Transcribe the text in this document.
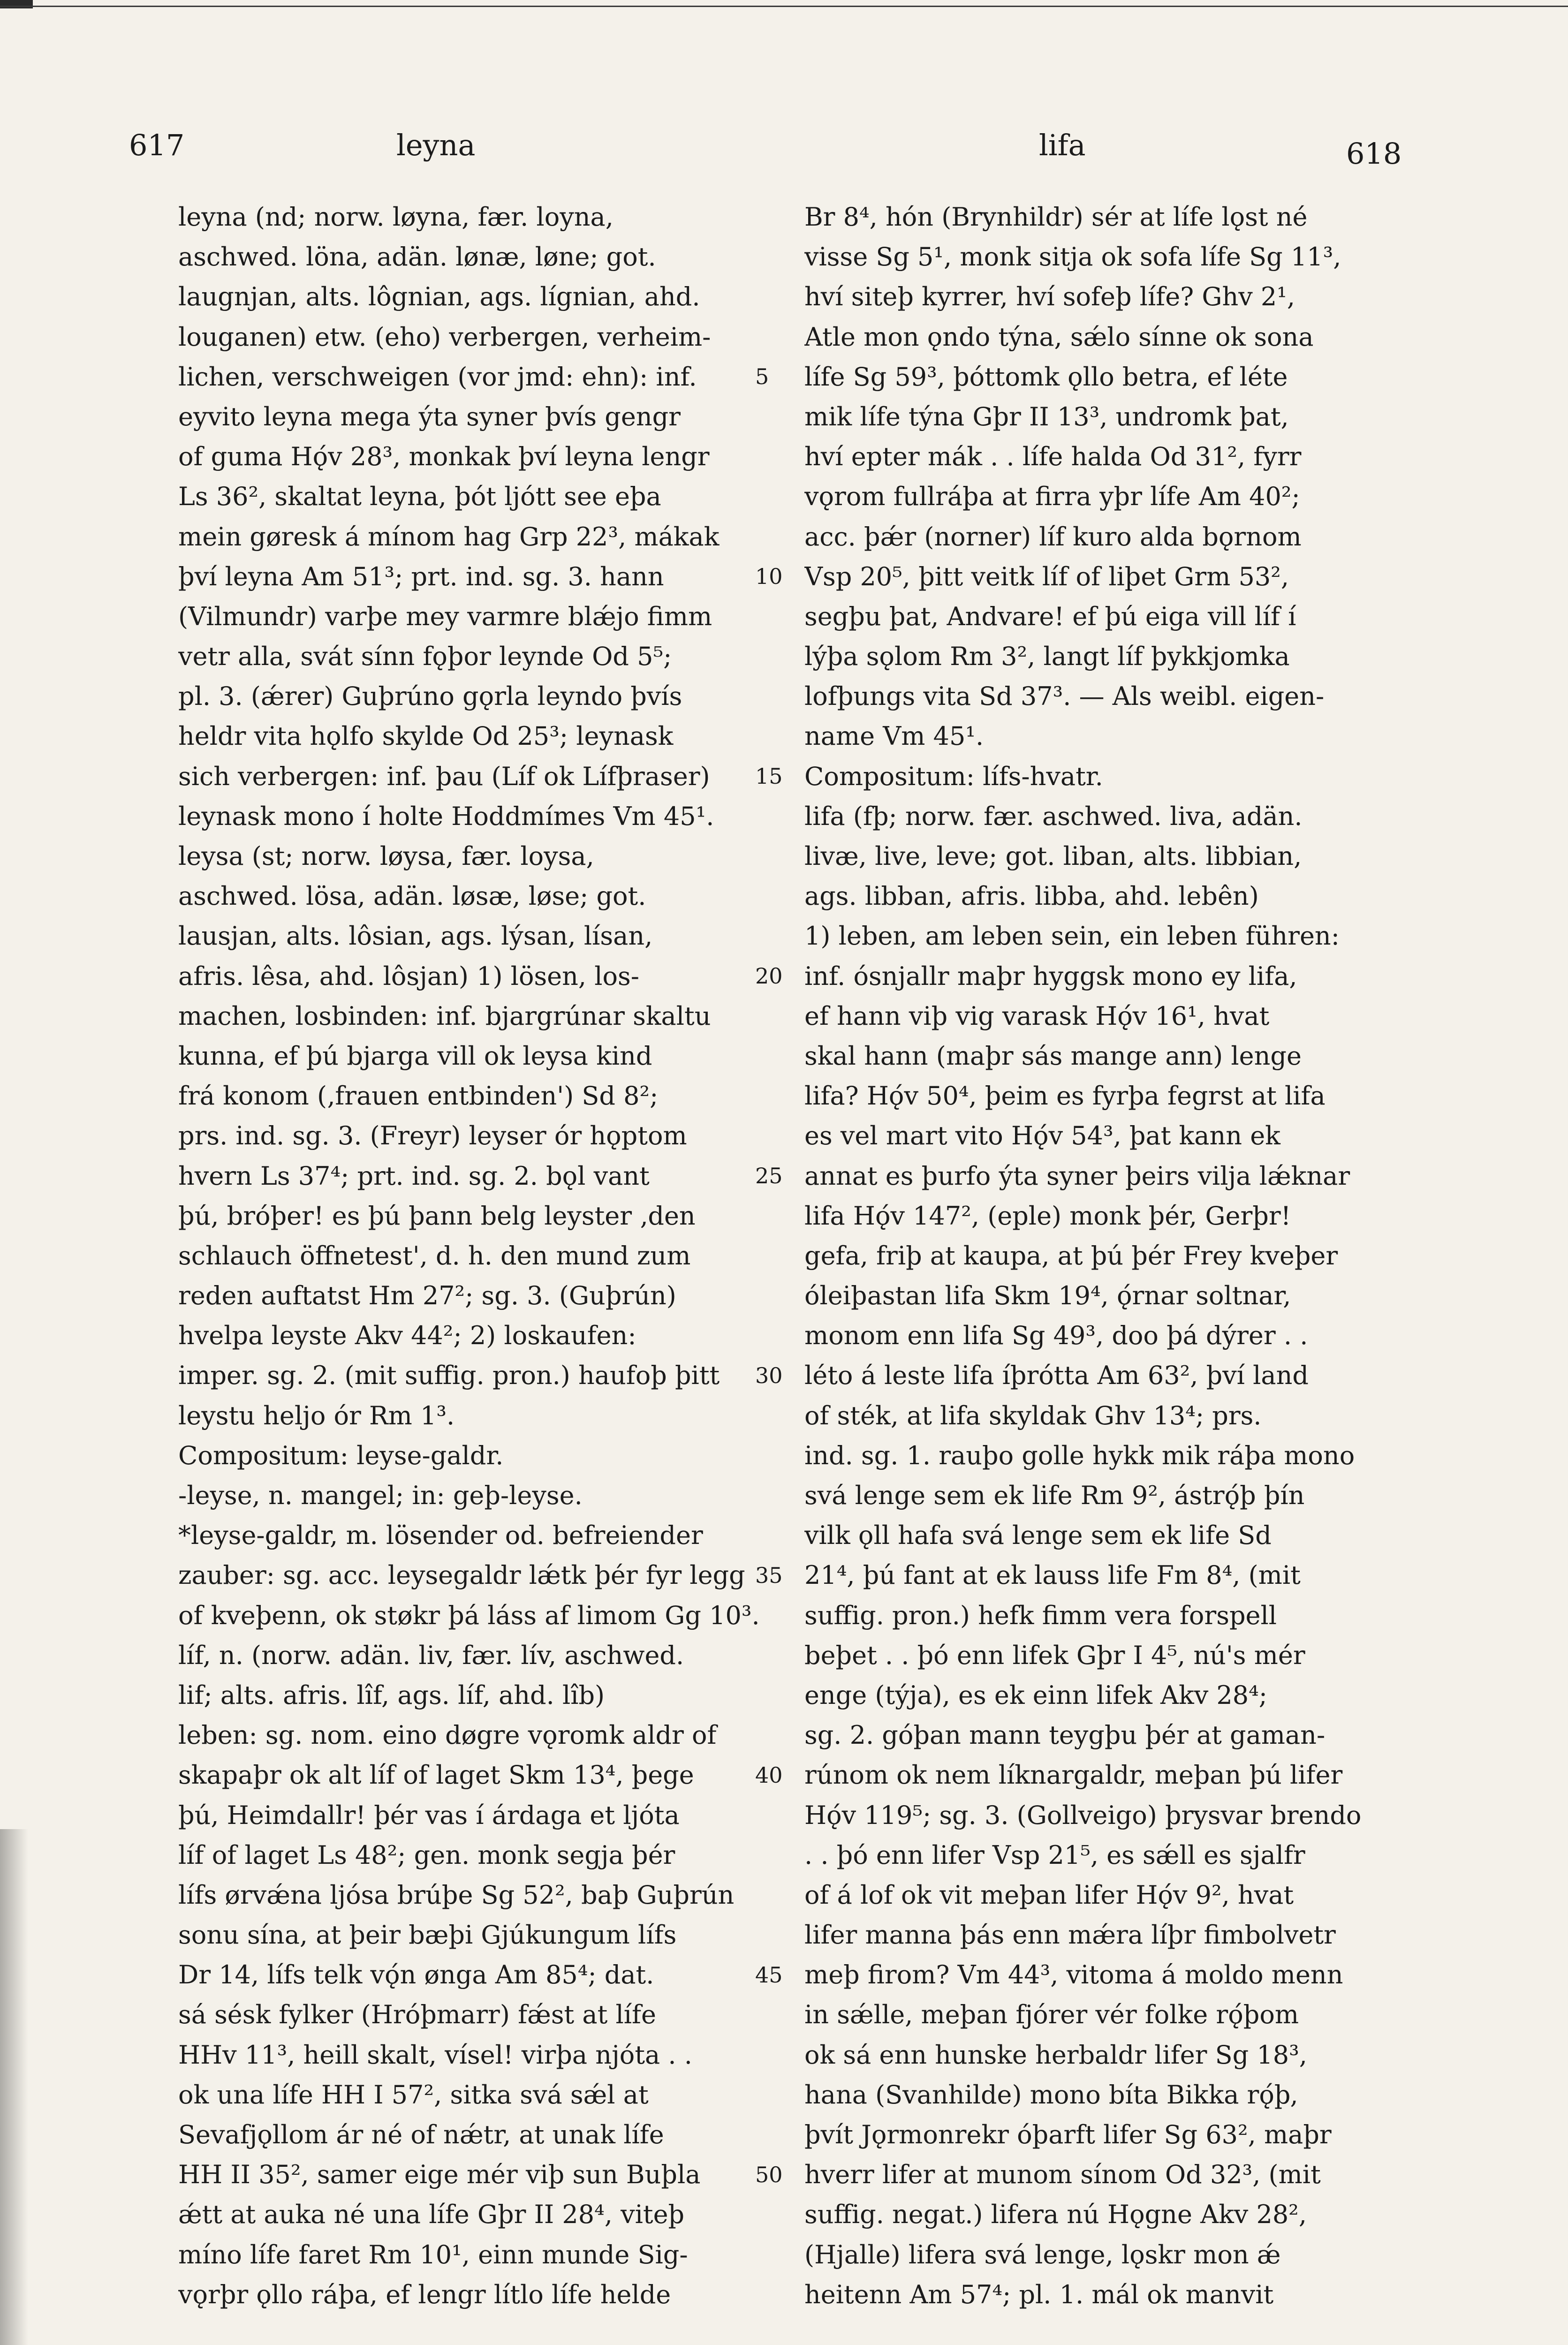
617	leyna	lifa	618
leyna (nd; norw. løyna, fær. loyna,
aschwed. löna, adän. lønæ, løne; got.
laugnjan, alts. lôgnian, ags. lígnian, ahd.
louganen) etw. (eho) verbergen, verheim-
lichen, verschweigen (vor jmd: ehn): inf.
eyvito leyna mega ýta syner þvís gengr
of guma Hǫ́v 28³, monkak því leyna lengr
Ls 36², skaltat leyna, þót ljótt see eþa
mein gøresk á mínom hag Grp 22³, mákak
því leyna Am 51³; prt. ind. sg. 3. hann
(Vilmundr) varþe mey varmre blǽjo fimm
vetr alla, svát sínn fǫþor leynde Od 5⁵;
pl. 3. (ǽrer) Guþrúno gǫrla leyndo þvís
heldr vita hǫlfo skylde Od 25³; leynask
sich verbergen: inf. þau (Líf ok Lífþraser)
leynask mono í holte Hoddmímes Vm 45¹.
leysa (st; norw. løysa, fær. loysa,
aschwed. lösa, adän. løsæ, løse; got.
lausjan, alts. lôsian, ags. lýsan, lísan,
afris. lêsa, ahd. lôsjan) 1) lösen, los-
machen, losbinden: inf. bjargrúnar skaltu
kunna, ef þú bjarga vill ok leysa kind
frá konom (‚frauen entbinden') Sd 8²;
prs. ind. sg. 3. (Freyr) leyser ór hǫptom
hvern Ls 37⁴; prt. ind. sg. 2. bǫl vant
þú, bróþer! es þú þann belg leyster ‚den
schlauch öffnetest', d. h. den mund zum
reden auftatst Hm 27²; sg. 3. (Guþrún)
hvelpa leyste Akv 44²; 2) loskaufen:
imper. sg. 2. (mit suffig. pron.) haufoþ þitt
leystu heljo ór Rm 1³.
Compositum: leyse-galdr.
-leyse, n. mangel; in: geþ-leyse.
*leyse-galdr, m. lösender od. befreiender
zauber: sg. acc. leysegaldr lǽtk þér fyr legg
of kveþenn, ok støkr þá láss af limom Gg 10³.
líf, n. (norw. adän. liv, fær. lív, aschwed.
lif; alts. afris. lîf, ags. líf, ahd. lîb)
leben: sg. nom. eino døgre vǫromk aldr of
skapaþr ok alt líf of laget Skm 13⁴, þege
þú, Heimdallr! þér vas í árdaga et ljóta
líf of laget Ls 48²; gen. monk segja þér
lífs ørvǽna ljósa brúþe Sg 52², baþ Guþrún
sonu sína, at þeir bæþi Gjúkungum lífs
Dr 14, lífs telk vǫ́n ønga Am 85⁴; dat.
sá sésk fylker (Hróþmarr) fǽst at lífe
HHv 11³, heill skalt, vísel! virþa njóta . .
ok una lífe HH I 57², sitka svá sǽl at
Sevafjǫllom ár né of nǽtr, at unak lífe
HH II 35², samer eige mér viþ sun Buþla
ǽtt at auka né una lífe Gþr II 28⁴, viteþ
míno lífe faret Rm 10¹, einn munde Sig-
vǫrþr ǫllo ráþa, ef lengr lítlo lífe helde
5
10
15
20
25
30
35
40
45
50
Br 8⁴, hón (Brynhildr) sér at lífe lǫst né
visse Sg 5¹, monk sitja ok sofa lífe Sg 11³,
hví siteþ kyrrer, hví sofeþ lífe? Ghv 2¹,
Atle mon ǫndo týna, sǽlo sínne ok sona
lífe Sg 59³, þóttomk ǫllo betra, ef léte
mik lífe týna Gþr II 13³, undromk þat,
hví epter mák . . lífe halda Od 31², fyrr
vǫrom fullráþa at firra yþr lífe Am 40²;
acc. þǽr (norner) líf kuro alda bǫrnom
Vsp 20⁵, þitt veitk líf of liþet Grm 53²,
segþu þat, Andvare! ef þú eiga vill líf í
lýþa sǫlom Rm 3², langt líf þykkjomka
lofþungs vita Sd 37³. — Als weibl. eigen-
name Vm 45¹.
Compositum: lífs-hvatr.
lifa (fþ; norw. fær. aschwed. liva, adän.
livæ, live, leve; got. liban, alts. libbian,
ags. libban, afris. libba, ahd. lebên)
1) leben, am leben sein, ein leben führen:
inf. ósnjallr maþr hyggsk mono ey lifa,
ef hann viþ vig varask Hǫ́v 16¹, hvat
skal hann (maþr sás mange ann) lenge
lifa? Hǫ́v 50⁴, þeim es fyrþa fegrst at lifa
es vel mart vito Hǫ́v 54³, þat kann ek
annat es þurfo ýta syner þeirs vilja lǽknar
lifa Hǫ́v 147², (eple) monk þér, Gerþr!
gefa, friþ at kaupa, at þú þér Frey kveþer
óleiþastan lifa Skm 19⁴, ǫ́rnar soltnar,
monom enn lifa Sg 49³, doo þá dýrer . .
léto á leste lifa íþrótta Am 63², því land
of sték, at lifa skyldak Ghv 13⁴; prs.
ind. sg. 1. rauþo golle hykk mik ráþa mono
svá lenge sem ek life Rm 9², ástrǫ́þ þín
vilk ǫll hafa svá lenge sem ek life Sd
21⁴, þú fant at ek lauss life Fm 8⁴, (mit
suffig. pron.) hefk fimm vera forspell
beþet . . þó enn lifek Gþr I 4⁵, nú's mér
enge (týja), es ek einn lifek Akv 28⁴;
sg. 2. góþan mann teygþu þér at gaman-
rúnom ok nem líknargaldr, meþan þú lifer
Hǫ́v 119⁵; sg. 3. (Gollveigo) þrysvar brendo
. . þó enn lifer Vsp 21⁵, es sǽll es sjalfr
of á lof ok vit meþan lifer Hǫ́v 9², hvat
lifer manna þás enn mǽra líþr fimbolvetr
meþ firom? Vm 44³, vitoma á moldo menn
in sǽlle, meþan fjórer vér folke rǫ́þom
ok sá enn hunske herbaldr lifer Sg 18³,
hana (Svanhilde) mono bíta Bikka rǫ́þ,
þvít Jǫrmonrekr óþarft lifer Sg 63², maþr
hverr lifer at munom sínom Od 32³, (mit
suffig. negat.) lifera nú Hǫgne Akv 28²,
(Hjalle) lifera svá lenge, lǫskr mon ǽ
heitenn Am 57⁴; pl. 1. mál ok manvit
